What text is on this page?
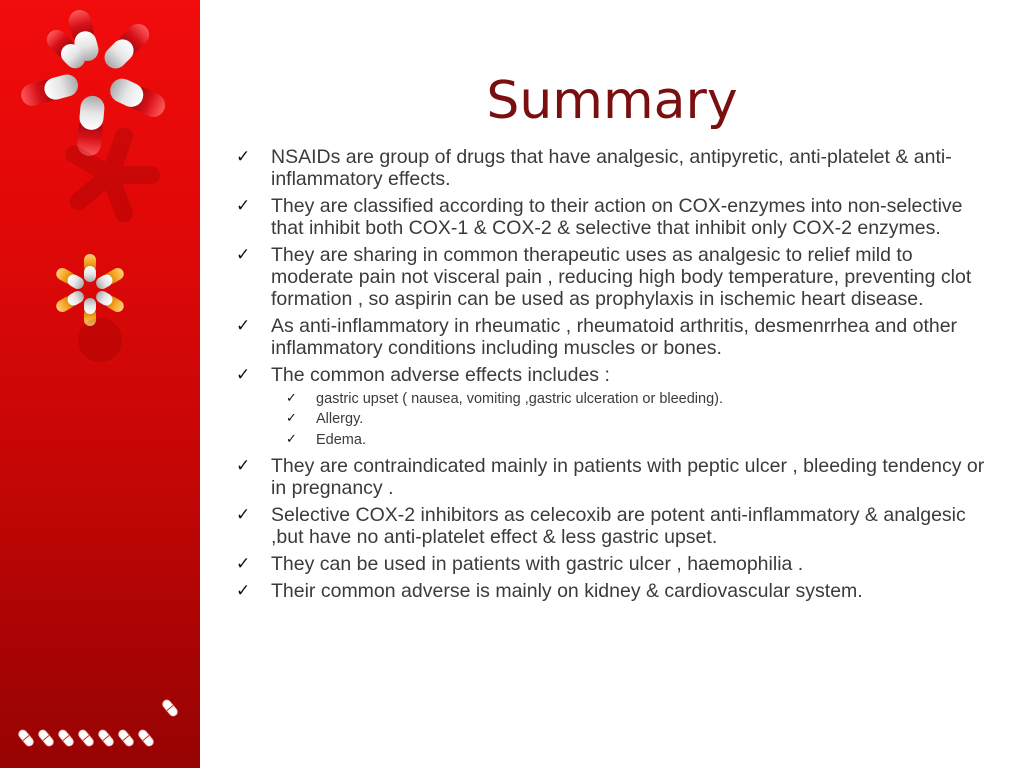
Summary
✓ NSAIDs are group of drugs that have analgesic, antipyretic, anti-platelet & anti-inflammatory effects.
✓ They are classified according to their action on COX-enzymes into non-selective that inhibit both COX-1 & COX-2 & selective that inhibit only COX-2 enzymes.
✓ They are sharing in common therapeutic uses as analgesic to relief mild to moderate pain not visceral pain , reducing high body temperature, preventing clot formation , so aspirin can be used as prophylaxis in ischemic heart disease.
✓ As anti-inflammatory in rheumatic , rheumatoid arthritis, desmenrrhea and other inflammatory conditions including muscles or bones.
✓ The common adverse effects includes :
✓ gastric upset ( nausea, vomiting ,gastric ulceration or bleeding).
✓ Allergy.
✓ Edema.
✓ They are contraindicated mainly in patients with peptic ulcer , bleeding tendency or in pregnancy .
✓ Selective COX-2 inhibitors as celecoxib are potent anti-inflammatory & analgesic ,but have no anti-platelet effect & less gastric upset.
✓ They can be used in patients with gastric ulcer , haemophilia .
✓ Their common adverse is mainly on kidney & cardiovascular system.
